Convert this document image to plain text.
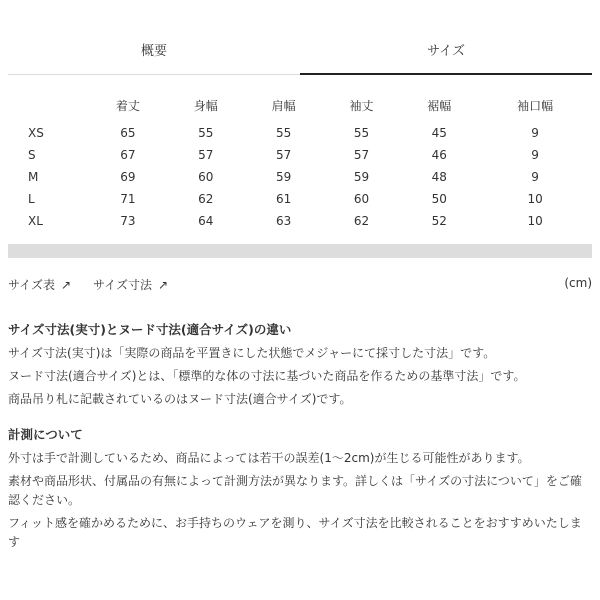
概要	サイズ
	着丈	身幅	肩幅	袖丈	裾幅	袖口幅
XS	65	55	55	55	45	9
S	67	57	57	57	46	9
M	69	60	59	59	48	9
L	71	62	61	60	50	10
XL	73	64	63	62	52	10
サイズ表 ↗ サイズ寸法 ↗	(cm)
サイズ寸法(実寸)とヌード寸法(適合サイズ)の違い

サイズ寸法(実寸)は「実際の商品を平置きにした状態でメジャーにて採寸した寸法」です。

ヌード寸法(適合サイズ)とは、「標準的な体の寸法に基づいた商品を作るための基準寸法」です。

商品吊り札に記載されているのはヌード寸法(適合サイズ)です。

計測について

外寸は手で計測しているため、商品によっては若干の誤差(1〜2cm)が生じる可能性があります。

素材や商品形状、付属品の有無によって計測方法が異なります。詳しくは「サイズの寸法について」をご確認ください。

フィット感を確かめるために、お手持ちのウェアを測り、サイズ寸法を比較されることをおすすめいたします
